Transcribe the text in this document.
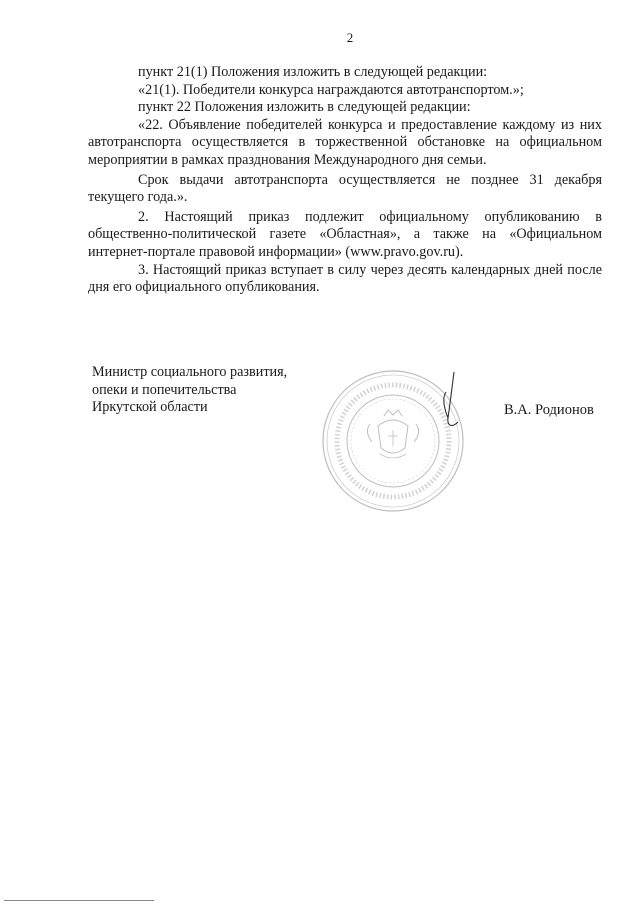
2

пункт 21(1) Положения изложить в следующей редакции:

«21(1). Победители конкурса награждаются автотранспортом.»;

пункт 22 Положения изложить в следующей редакции:

«22. Объявление победителей конкурса и предоставление каждому из них автотранспорта осуществляется в торжественной обстановке на официальном мероприятии в рамках празднования Международного дня семьи.

Срок выдачи автотранспорта осуществляется не позднее 31 декабря текущего года.».

2. Настоящий приказ подлежит официальному опубликованию в общественно-политической газете «Областная», а также на «Официальном интернет-портале правовой информации» (www.pravo.gov.ru).

3. Настоящий приказ вступает в силу через десять календарных дней после дня его официального опубликования.

Министр социального развития,
опеки и попечительства
Иркутской области	В.А. Родионов
